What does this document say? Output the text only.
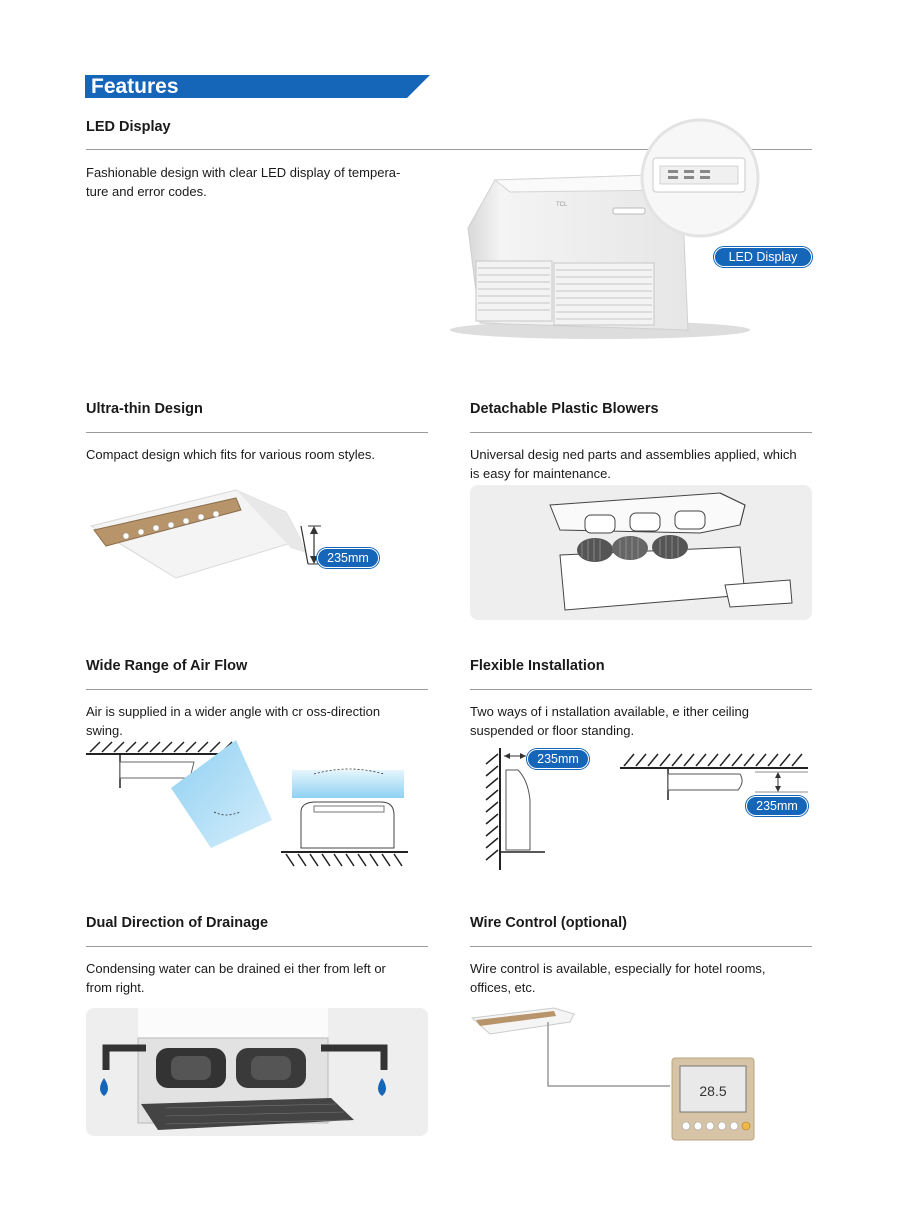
Features
LED Display
Fashionable design with clear LED display of tempera-
ture and error codes.
TCL
LED Display
Ultra-thin Design
Compact design which fits for various room styles.
235mm
Detachable Plastic Blowers
Universal desig ned parts and assemblies applied, which
is easy for maintenance.
Wide Range of Air Flow
Air is supplied in a wider angle with cr oss-direction
swing.
Flexible Installation
Two ways of i nstallation available, e ither ceiling
suspended or floor standing.
235mm
235mm
Dual Direction of Drainage
Condensing water can be drained ei ther from left or
from right.
Wire Control (optional)
Wire control is available, especially for hotel rooms,
offices, etc.
28.5
